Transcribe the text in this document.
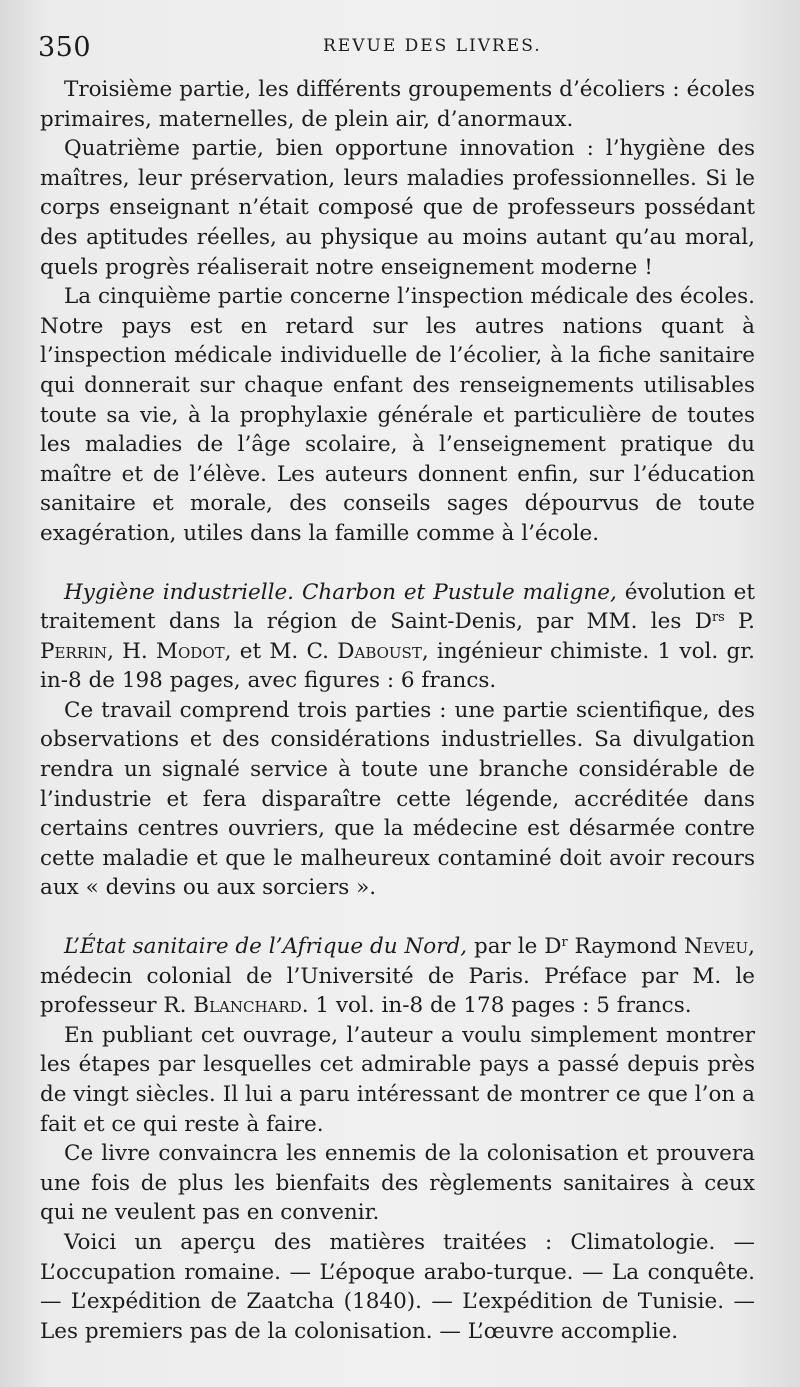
350	REVUE DES LIVRES.

Troisième partie, les différents groupements d’écoliers : écoles primaires, maternelles, de plein air, d’anormaux.

Quatrième partie, bien opportune innovation : l’hygiène des maîtres, leur préservation, leurs maladies professionnelles. Si le corps enseignant n’était composé que de professeurs possédant des aptitudes réelles, au physique au moins autant qu’au moral, quels progrès réaliserait notre enseignement moderne !

La cinquième partie concerne l’inspection médicale des écoles. Notre pays est en retard sur les autres nations quant à l’inspection médicale individuelle de l’écolier, à la fiche sanitaire qui donnerait sur chaque enfant des renseignements utilisables toute sa vie, à la prophylaxie générale et particulière de toutes les maladies de l’âge scolaire, à l’enseignement pratique du maître et de l’élève. Les auteurs donnent enfin, sur l’éducation sanitaire et morale, des conseils sages dépourvus de toute exagération, utiles dans la famille comme à l’école.

Hygiène industrielle. Charbon et Pustule maligne, évolution et traitement dans la région de Saint-Denis, par MM. les $D^{rs}$ P. Perrin, H. Modot, et M. C. Daboust, ingénieur chimiste. 1 vol. gr. in-8 de 198 pages, avec figures : 6 francs.

Ce travail comprend trois parties : une partie scientifique, des observations et des considérations industrielles. Sa divulgation rendra un signalé service à toute une branche considérable de l’industrie et fera disparaître cette légende, accréditée dans certains centres ouvriers, que la médecine est désarmée contre cette maladie et que le malheureux contaminé doit avoir recours aux « devins ou aux sorciers ».

L’État sanitaire de l’Afrique du Nord, par le $D^r$ Raymond Neveu, médecin colonial de l’Université de Paris. Préface par M. le professeur R. Blanchard. 1 vol. in-8 de 178 pages : 5 francs.

En publiant cet ouvrage, l’auteur a voulu simplement montrer les étapes par lesquelles cet admirable pays a passé depuis près de vingt siècles. Il lui a paru intéressant de montrer ce que l’on a fait et ce qui reste à faire.

Ce livre convaincra les ennemis de la colonisation et prouvera une fois de plus les bienfaits des règlements sanitaires à ceux qui ne veulent pas en convenir.

Voici un aperçu des matières traitées : Climatologie. — L’occupation romaine. — L’époque arabo-turque. — La conquête. — L’expédition de Zaatcha (1840). — L’expédition de Tunisie. — Les premiers pas de la colonisation. — L’œuvre accomplie.
